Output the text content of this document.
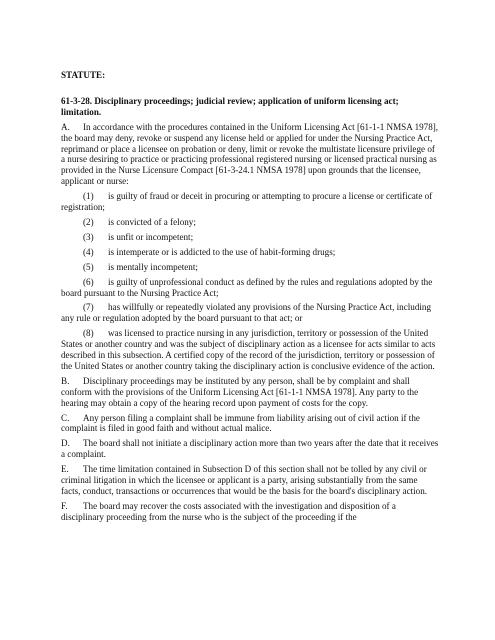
STATUTE:
61-3-28. Disciplinary proceedings; judicial review; application of uniform licensing act; limitation.

A. In accordance with the procedures contained in the Uniform Licensing Act [61-1-1 NMSA 1978], the board may deny, revoke or suspend any license held or applied for under the Nursing Practice Act, reprimand or place a licensee on probation or deny, limit or revoke the multistate licensure privilege of a nurse desiring to practice or practicing professional registered nursing or licensed practical nursing as provided in the Nurse Licensure Compact [61-3-24.1 NMSA 1978] upon grounds that the licensee, applicant or nurse:

(1) is guilty of fraud or deceit in procuring or attempting to procure a license or certificate of registration;

(2) is convicted of a felony;

(3) is unfit or incompetent;

(4) is intemperate or is addicted to the use of habit-forming drugs;

(5) is mentally incompetent;

(6) is guilty of unprofessional conduct as defined by the rules and regulations adopted by the board pursuant to the Nursing Practice Act;

(7) has willfully or repeatedly violated any provisions of the Nursing Practice Act, including any rule or regulation adopted by the board pursuant to that act; or

(8) was licensed to practice nursing in any jurisdiction, territory or possession of the United States or another country and was the subject of disciplinary action as a licensee for acts similar to acts described in this subsection. A certified copy of the record of the jurisdiction, territory or possession of the United States or another country taking the disciplinary action is conclusive evidence of the action.

B. Disciplinary proceedings may be instituted by any person, shall be by complaint and shall conform with the provisions of the Uniform Licensing Act [61-1-1 NMSA 1978]. Any party to the hearing may obtain a copy of the hearing record upon payment of costs for the copy.

C. Any person filing a complaint shall be immune from liability arising out of civil action if the complaint is filed in good faith and without actual malice.

D. The board shall not initiate a disciplinary action more than two years after the date that it receives a complaint.

E. The time limitation contained in Subsection D of this section shall not be tolled by any civil or criminal litigation in which the licensee or applicant is a party, arising substantially from the same facts, conduct, transactions or occurrences that would be the basis for the board's disciplinary action.

F. The board may recover the costs associated with the investigation and disposition of a disciplinary proceeding from the nurse who is the subject of the proceeding if the
